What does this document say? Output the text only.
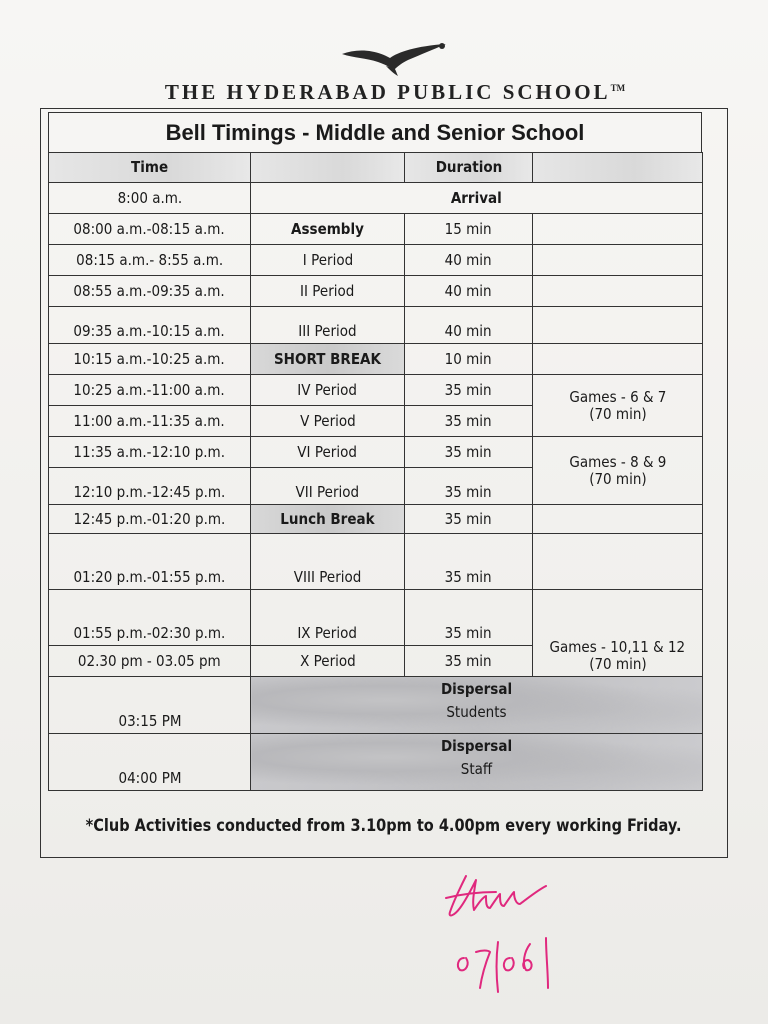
THE HYDERABAD PUBLIC SCHOOL™
Bell Timings - Middle and Senior School
Time		Duration	
8:00 a.m.	Arrival		
08:00 a.m.-08:15 a.m.	Assembly	15 min	
08:15 a.m.- 8:55 a.m.	I Period	40 min	
08:55 a.m.-09:35 a.m.	II Period	40 min	
09:35 a.m.-10:15 a.m.	III Period	40 min	
10:15 a.m.-10:25 a.m.	SHORT BREAK	10 min	
10:25 a.m.-11:00 a.m.	IV Period	35 min	Games - 6 & 7
(70 min)
11:00 a.m.-11:35 a.m.	V Period	35 min	
11:35 a.m.-12:10 p.m.	VI Period	35 min	Games - 8 & 9
(70 min)
12:10 p.m.-12:45 p.m.	VII Period	35 min	
12:45 p.m.-01:20 p.m.	Lunch Break	35 min	
01:20 p.m.-01:55 p.m.	VIII Period	35 min	
01:55 p.m.-02:30 p.m.	IX Period	35 min	Games - 10,11 & 12
(70 min)
02.30 pm - 03.05 pm	X Period	35 min	
03:15 PM	Dispersal
Students		

04:00 PM	Dispersal
Staff		
*Club Activities conducted from 3.10pm to 4.00pm every working Friday.
07/06
